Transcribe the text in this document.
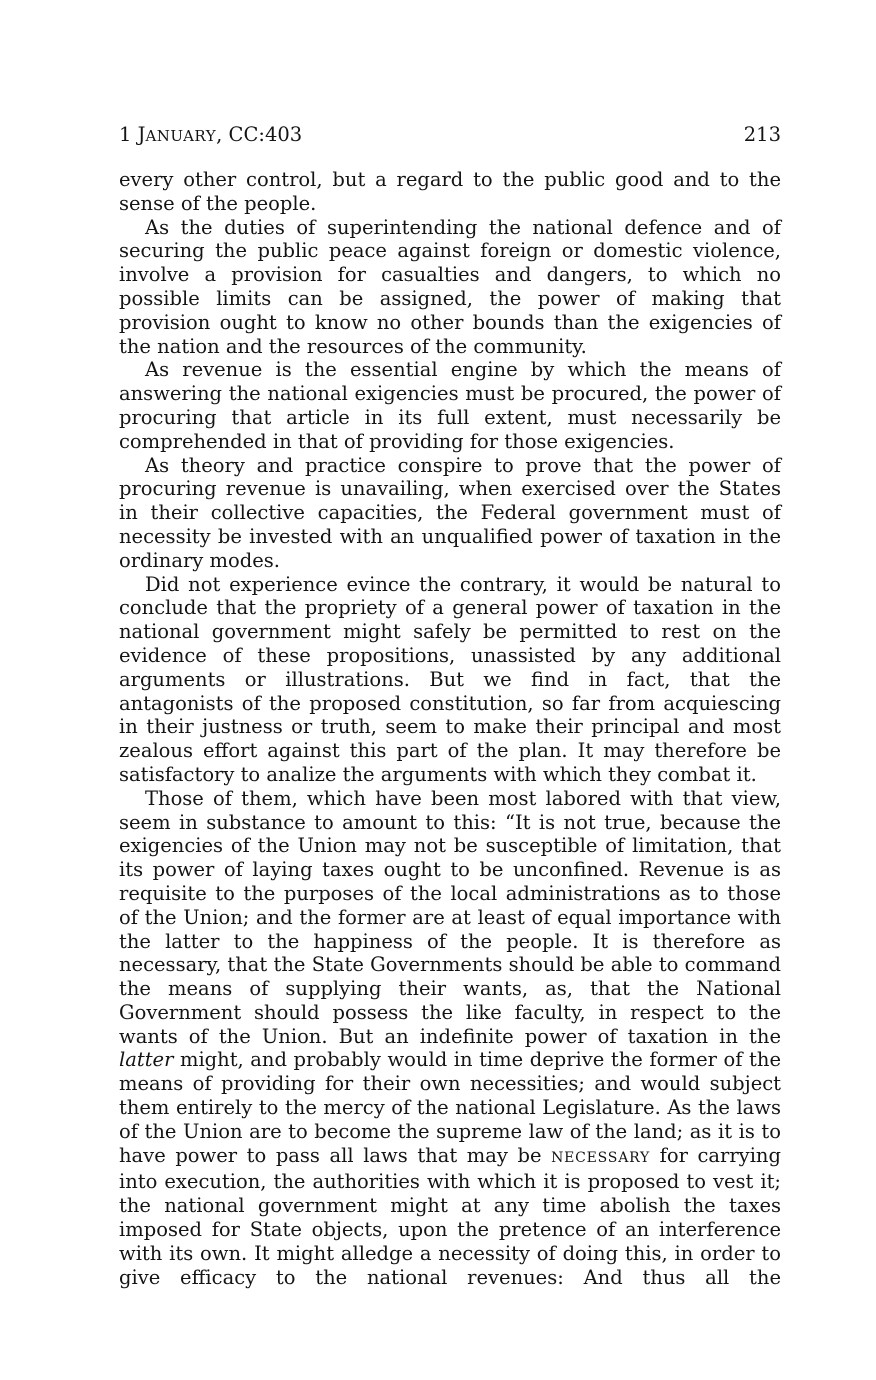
1 JANUARY, CC:403	213

every other control, but a regard to the public good and to the sense of the people.

As the duties of superintending the national defence and of securing the public peace against foreign or domestic violence, involve a provision for casualties and dangers, to which no possible limits can be assigned, the power of making that provision ought to know no other bounds than the exigencies of the nation and the resources of the community.

As revenue is the essential engine by which the means of answering the national exigencies must be procured, the power of procuring that article in its full extent, must necessarily be comprehended in that of providing for those exigencies.

As theory and practice conspire to prove that the power of procuring revenue is unavailing, when exercised over the States in their collective capacities, the Federal government must of necessity be invested with an unqualified power of taxation in the ordinary modes.

Did not experience evince the contrary, it would be natural to conclude that the propriety of a general power of taxation in the national government might safely be permitted to rest on the evidence of these propositions, unassisted by any additional arguments or illustrations. But we find in fact, that the antagonists of the proposed constitution, so far from acquiescing in their justness or truth, seem to make their principal and most zealous effort against this part of the plan. It may therefore be satisfactory to analize the arguments with which they combat it.

Those of them, which have been most labored with that view, seem in substance to amount to this: “It is not true, because the exigencies of the Union may not be susceptible of limitation, that its power of laying taxes ought to be unconfined. Revenue is as requisite to the purposes of the local administrations as to those of the Union; and the former are at least of equal importance with the latter to the happiness of the people. It is therefore as necessary, that the State Governments should be able to command the means of supplying their wants, as, that the National Government should possess the like faculty, in respect to the wants of the Union. But an indefinite power of taxation in the latter might, and probably would in time deprive the former of the means of providing for their own necessities; and would subject them entirely to the mercy of the national Legislature. As the laws of the Union are to become the supreme law of the land; as it is to have power to pass all laws that may be NECESSARY for carrying into execution, the authorities with which it is proposed to vest it; the national government might at any time abolish the taxes imposed for State objects, upon the pretence of an interference with its own. It might alledge a necessity of doing this, in order to give efficacy to the national revenues: And thus all the
